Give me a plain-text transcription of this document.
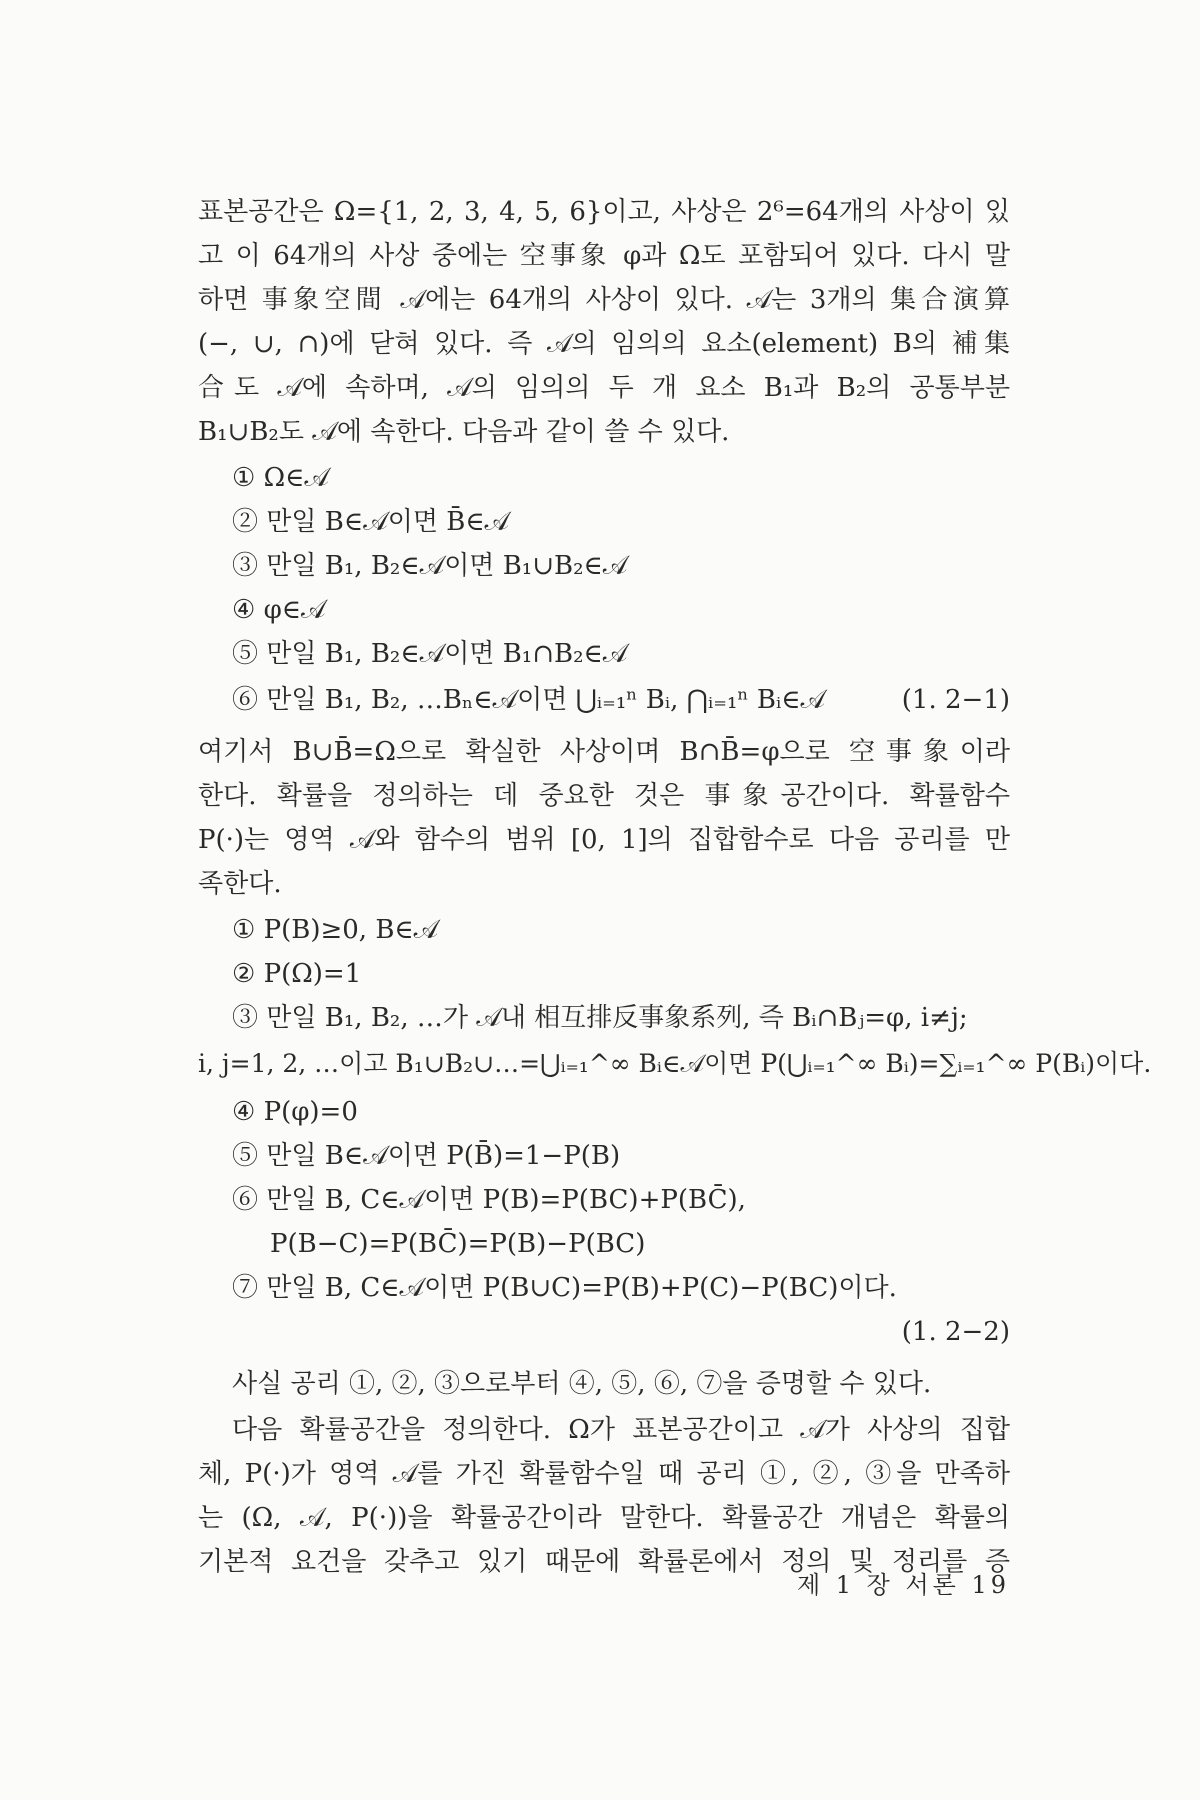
표본공간은 Ω={1, 2, 3, 4, 5, 6}이고, 사상은 2⁶=64개의 사상이 있
고 이 64개의 사상 중에는 空事象 φ과 Ω도 포함되어 있다. 다시 말
하면 事象空間 𝒜에는 64개의 사상이 있다. 𝒜는 3개의 集合演算
(−, ∪, ∩)에 닫혀 있다. 즉 𝒜의 임의의 요소(element) B의 補集
合도 𝒜에 속하며, 𝒜의 임의의 두 개 요소 B₁과 B₂의 공통부분
B₁∪B₂도 𝒜에 속한다. 다음과 같이 쓸 수 있다.
① Ω∈𝒜
② 만일 B∈𝒜이면 B̄∈𝒜
③ 만일 B₁, B₂∈𝒜이면 B₁∪B₂∈𝒜
④ φ∈𝒜
⑤ 만일 B₁, B₂∈𝒜이면 B₁∩B₂∈𝒜
⑥ 만일 B₁, B₂, …Bₙ∈𝒜이면 ⋃ᵢ₌₁ⁿ Bᵢ, ⋂ᵢ₌₁ⁿ Bᵢ∈𝒜	(1. 2−1)
여기서 B∪B̄=Ω으로 확실한 사상이며 B∩B̄=φ으로 空事象이라
한다. 확률을 정의하는 데 중요한 것은 事象공간이다. 확률함수
P(·)는 영역 𝒜와 함수의 범위 [0, 1]의 집합함수로 다음 공리를 만
족한다.
① P(B)≥0, B∈𝒜
② P(Ω)=1
③ 만일 B₁, B₂, …가 𝒜내 相互排反事象系列, 즉 Bᵢ∩Bⱼ=φ, i≠j;
i, j=1, 2, …이고 B₁∪B₂∪…=⋃ᵢ₌₁^∞ Bᵢ∈𝒜이면 P(⋃ᵢ₌₁^∞ Bᵢ)=∑ᵢ₌₁^∞ P(Bᵢ)이다.
④ P(φ)=0
⑤ 만일 B∈𝒜이면 P(B̄)=1−P(B)
⑥ 만일 B, C∈𝒜이면 P(B)=P(BC)+P(BC̄),
P(B−C)=P(BC̄)=P(B)−P(BC)
⑦ 만일 B, C∈𝒜이면 P(B∪C)=P(B)+P(C)−P(BC)이다.
(1. 2−2)
사실 공리 ①, ②, ③으로부터 ④, ⑤, ⑥, ⑦을 증명할 수 있다.
다음 확률공간을 정의한다. Ω가 표본공간이고 𝒜가 사상의 집합
체, P(·)가 영역 𝒜를 가진 확률함수일 때 공리 ①, ②, ③을 만족하
는 (Ω, 𝒜, P(·))을 확률공간이라 말한다. 확률공간 개념은 확률의
기본적 요건을 갖추고 있기 때문에 확률론에서 정의 및 정리를 증
제 1 장 서론 19
